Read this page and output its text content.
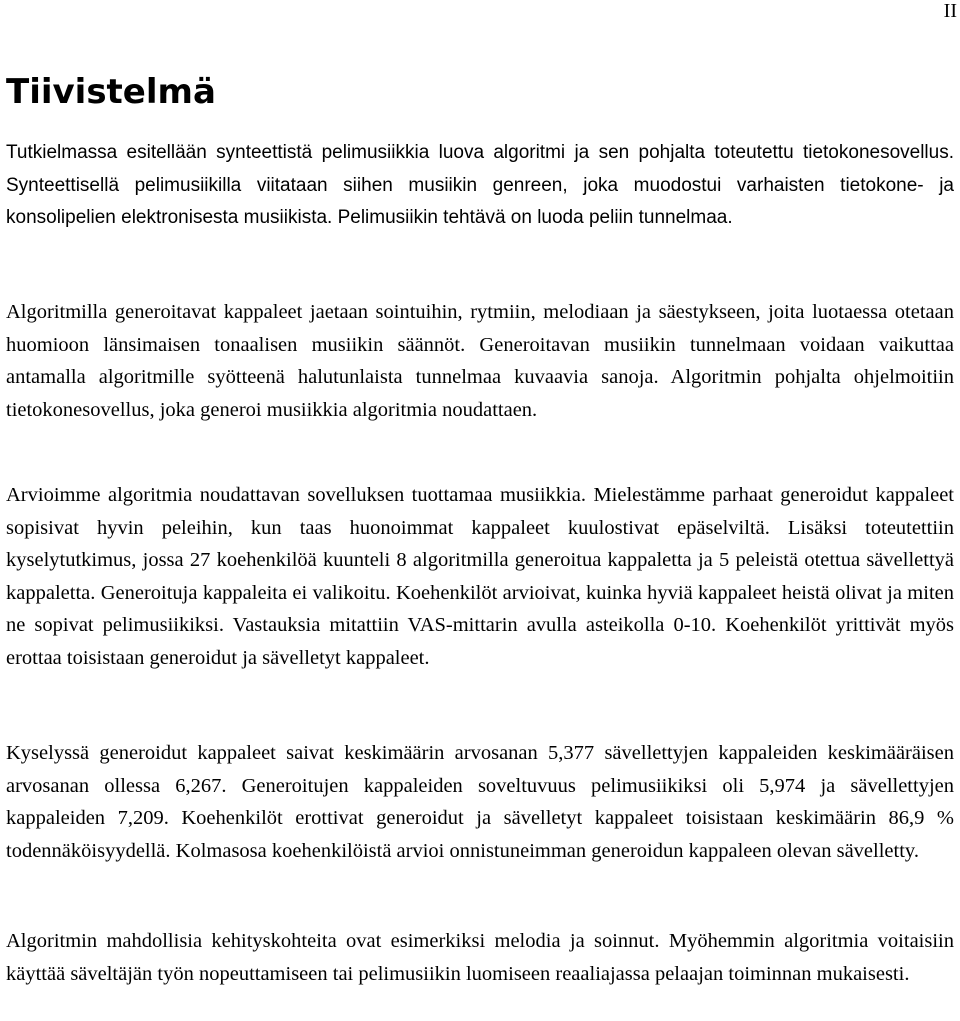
II
Tiivistelmä

Tutkielmassa esitellään synteettistä pelimusiikkia luova algoritmi ja sen pohjalta toteutettu tietokonesovellus. Synteettisellä pelimusiikilla viitataan siihen musiikin genreen, joka muodostui varhaisten tietokone- ja konsolipelien elektronisesta musiikista. Pelimusiikin tehtävä on luoda peliin tunnelmaa.

Algoritmilla generoitavat kappaleet jaetaan sointuihin, rytmiin, melodiaan ja säestykseen, joita luotaessa otetaan huomioon länsimaisen tonaalisen musiikin säännöt. Generoitavan musiikin tunnelmaan voidaan vaikuttaa antamalla algoritmille syötteenä halutunlaista tunnelmaa kuvaavia sanoja. Algoritmin pohjalta ohjelmoitiin tietokonesovellus, joka generoi musiikkia algoritmia noudattaen.

Arvioimme algoritmia noudattavan sovelluksen tuottamaa musiikkia. Mielestämme parhaat generoidut kappaleet sopisivat hyvin peleihin, kun taas huonoimmat kappaleet kuulostivat epäselviltä. Lisäksi toteutettiin kyselytutkimus, jossa 27 koehenkilöä kuunteli 8 algoritmilla generoitua kappaletta ja 5 peleistä otettua sävellettyä kappaletta. Generoituja kappaleita ei valikoitu. Koehenkilöt arvioivat, kuinka hyviä kappaleet heistä olivat ja miten ne sopivat pelimusiikiksi. Vastauksia mitattiin VAS-mittarin avulla asteikolla 0-10. Koehenkilöt yrittivät myös erottaa toisistaan generoidut ja sävelletyt kappaleet.

Kyselyssä generoidut kappaleet saivat keskimäärin arvosanan 5,377 sävellettyjen kappaleiden keskimääräisen arvosanan ollessa 6,267. Generoitujen kappaleiden soveltuvuus pelimusiikiksi oli 5,974 ja sävellettyjen kappaleiden 7,209. Koehenkilöt erottivat generoidut ja sävelletyt kappaleet toisistaan keskimäärin 86,9 % todennäköisyydellä. Kolmasosa koehenkilöistä arvioi onnistuneimman generoidun kappaleen olevan sävelletty.

Algoritmin mahdollisia kehityskohteita ovat esimerkiksi melodia ja soinnut. Myöhemmin algoritmia voitaisiin käyttää säveltäjän työn nopeuttamiseen tai pelimusiikin luomiseen reaaliajassa pelaajan toiminnan mukaisesti.
